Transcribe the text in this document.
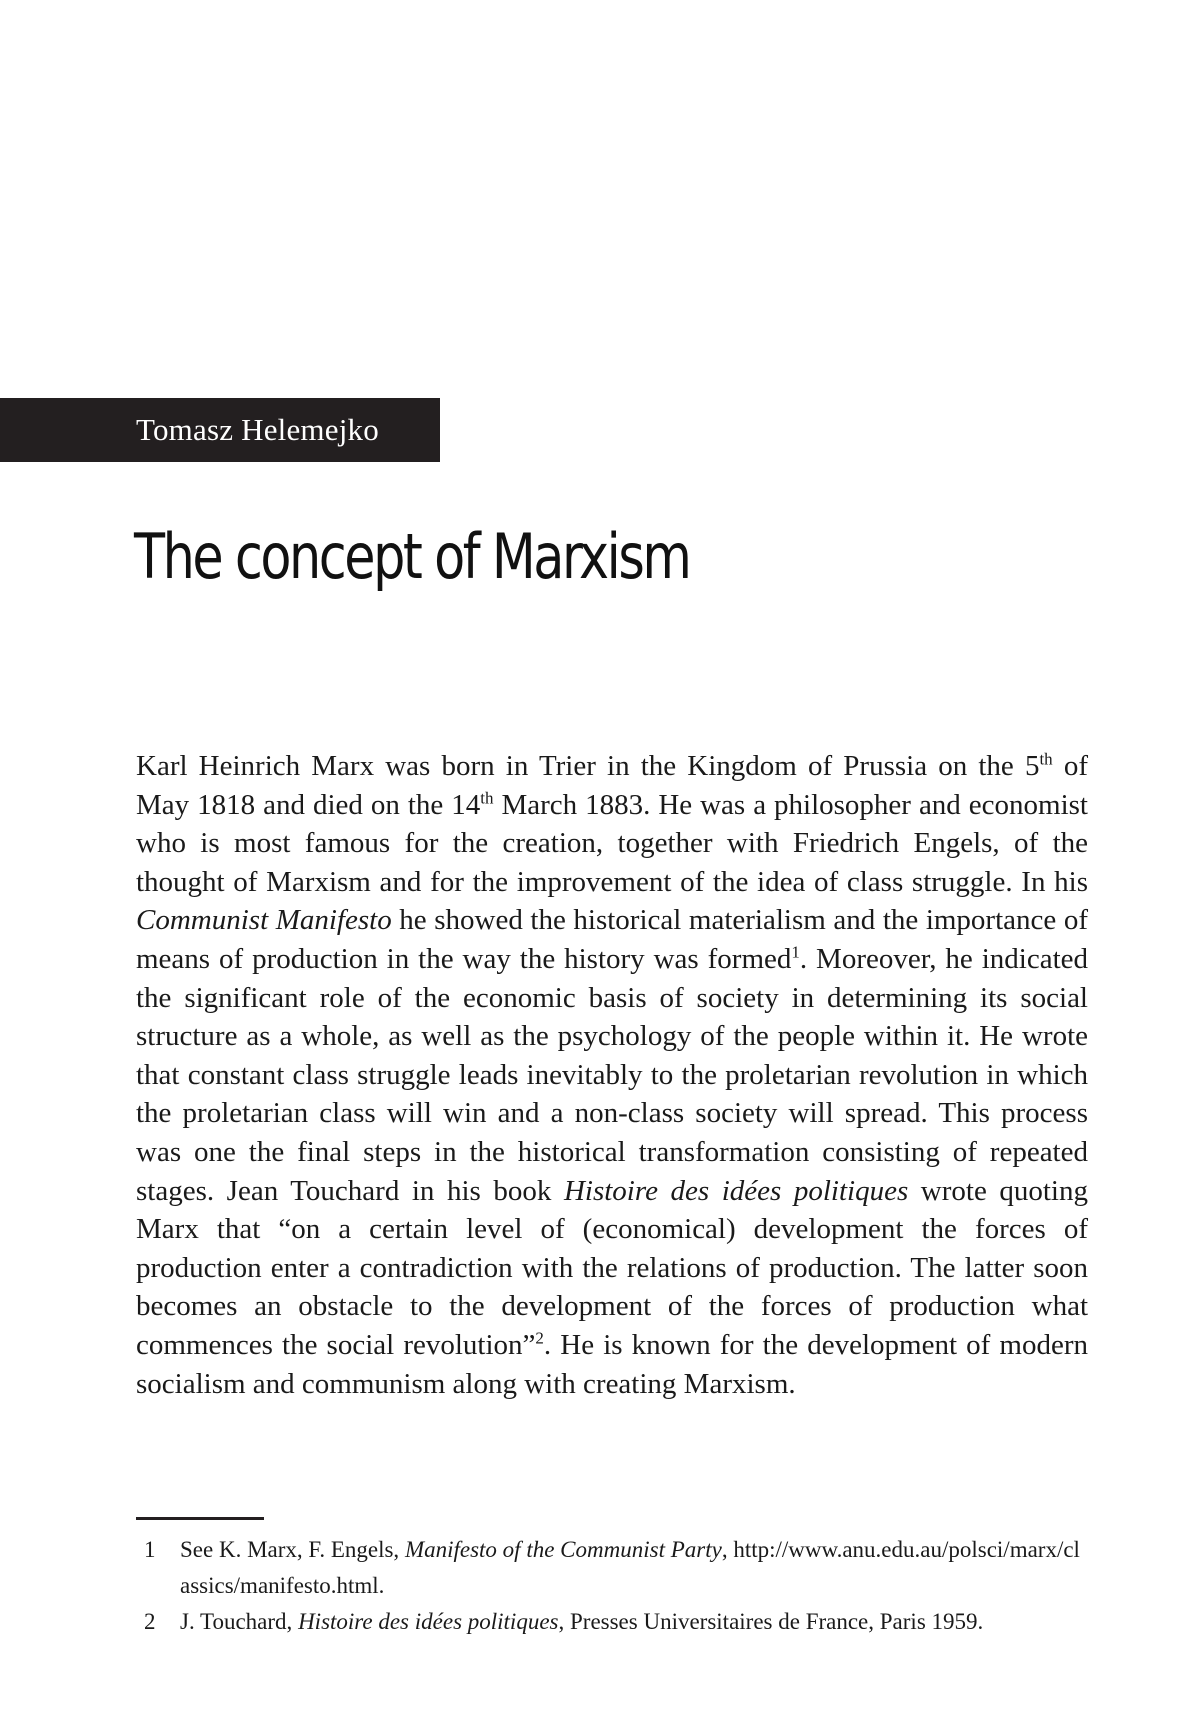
Tomasz Helemejko
The concept of Marxism

Karl Heinrich Marx was born in Trier in the Kingdom of Prussia on the 5th of May 1818 and died on the 14th March 1883. He was a philosopher and economist who is most famous for the creation, together with Friedrich Engels, of the thought of Marxism and for the improvement of the idea of class struggle. In his Communist Manifesto he showed the historical materialism and the importance of means of production in the way the history was formed$^1$. Moreover, he indicated the significant role of the economic basis of society in determining its social structure as a whole, as well as the psychology of the people within it. He wrote that constant class struggle leads inevitably to the proletarian revolution in which the proletarian class will win and a non-class society will spread. This process was one the final steps in the historical transformation consisting of repeated stages. Jean Touchard in his book Histoire des idées politiques wrote quoting Marx that “on a certain level of (economical) development the forces of production enter a contradiction with the relations of production. The latter soon becomes an obstacle to the development of the forces of production what commences the social revolution”$^2$. He is known for the development of modern socialism and communism along with creating Marxism.

1	See K. Marx, F. Engels, Manifesto of the Communist Party, http://www.anu.edu.au/polsci/marx/classics/manifesto.html.
2	J. Touchard, Histoire des idées politiques, Presses Universitaires de France, Paris 1959.
